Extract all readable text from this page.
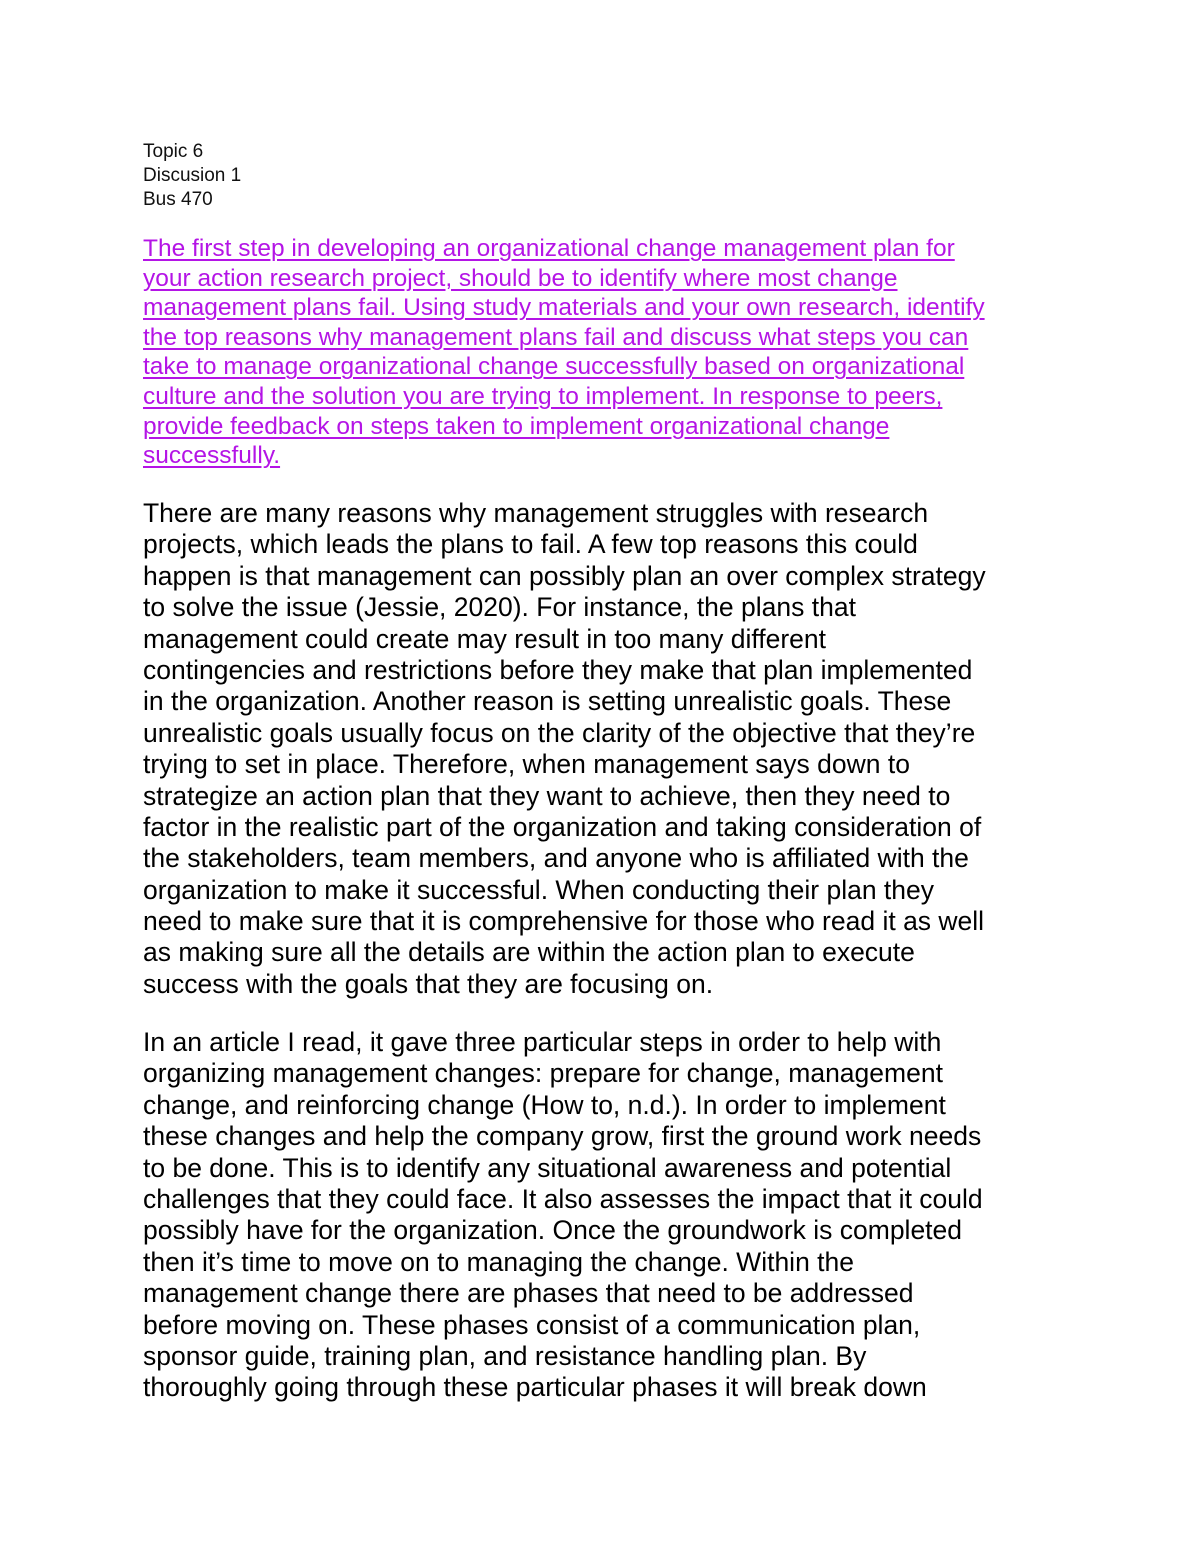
Topic 6
Discusion 1
Bus 470
The first step in developing an organizational change management plan for
your action research project, should be to identify where most change
management plans fail. Using study materials and your own research, identify
the top reasons why management plans fail and discuss what steps you can
take to manage organizational change successfully based on organizational
culture and the solution you are trying to implement. In response to peers,
provide feedback on steps taken to implement organizational change
successfully.
There are many reasons why management struggles with research
projects, which leads the plans to fail. A few top reasons this could
happen is that management can possibly plan an over complex strategy
to solve the issue (Jessie, 2020). For instance, the plans that
management could create may result in too many different
contingencies and restrictions before they make that plan implemented
in the organization. Another reason is setting unrealistic goals. These
unrealistic goals usually focus on the clarity of the objective that they’re
trying to set in place. Therefore, when management says down to
strategize an action plan that they want to achieve, then they need to
factor in the realistic part of the organization and taking consideration of
the stakeholders, team members, and anyone who is affiliated with the
organization to make it successful. When conducting their plan they
need to make sure that it is comprehensive for those who read it as well
as making sure all the details are within the action plan to execute
success with the goals that they are focusing on.
In an article I read, it gave three particular steps in order to help with
organizing management changes: prepare for change, management
change, and reinforcing change (How to, n.d.). In order to implement
these changes and help the company grow, first the ground work needs
to be done. This is to identify any situational awareness and potential
challenges that they could face. It also assesses the impact that it could
possibly have for the organization. Once the groundwork is completed
then it’s time to move on to managing the change. Within the
management change there are phases that need to be addressed
before moving on. These phases consist of a communication plan,
sponsor guide, training plan, and resistance handling plan. By
thoroughly going through these particular phases it will break down
